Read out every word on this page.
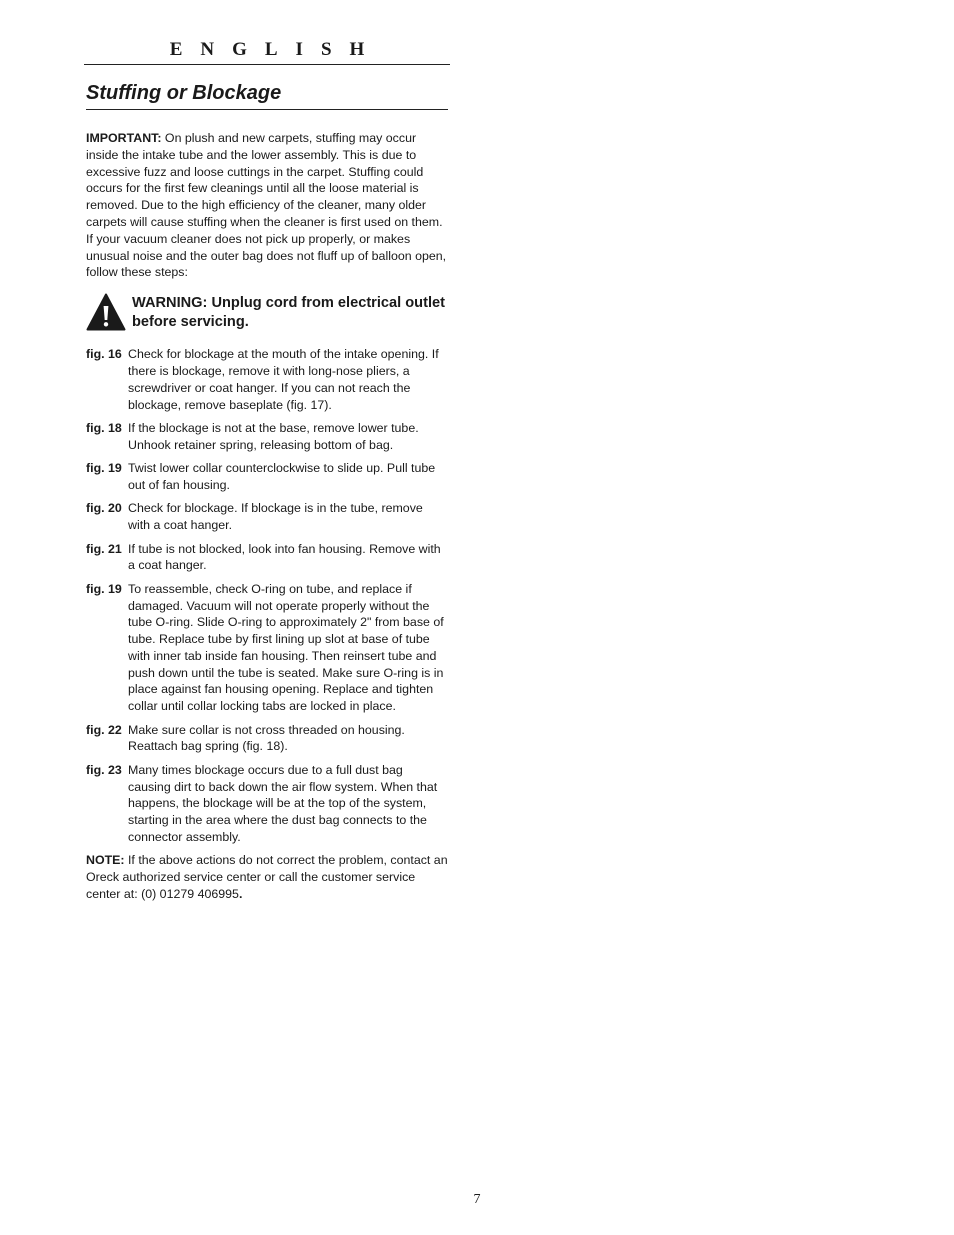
ENGLISH
Stuffing or Blockage

IMPORTANT: On plush and new carpets, stuffing may occur inside the intake tube and the lower assembly. This is due to excessive fuzz and loose cuttings in the carpet. Stuffing could occurs for the first few cleanings until all the loose material is removed. Due to the high efficiency of the cleaner, many older carpets will cause stuffing when the cleaner is first used on them. If your vacuum cleaner does not pick up properly, or makes unusual noise and the outer bag does not fluff up of balloon open, follow these steps:

WARNING: Unplug cord from electrical outlet before servicing.
fig. 16 Check for blockage at the mouth of the intake opening. If there is blockage, remove it with long-nose pliers, a screwdriver or coat hanger. If you can not reach the blockage, remove baseplate (fig. 17).
fig. 18 If the blockage is not at the base, remove lower tube. Unhook retainer spring, releasing bottom of bag.
fig. 19 Twist lower collar counterclockwise to slide up. Pull tube out of fan housing.
fig. 20 Check for blockage. If blockage is in the tube, remove with a coat hanger.
fig. 21 If tube is not blocked, look into fan housing. Remove with a coat hanger.
fig. 19 To reassemble, check O-ring on tube, and replace if damaged. Vacuum will not operate properly without the tube O-ring. Slide O-ring to approximately 2" from base of tube. Replace tube by first lining up slot at base of tube with inner tab inside fan housing. Then reinsert tube and push down until the tube is seated. Make sure O-ring is in place against fan housing opening. Replace and tighten collar until collar locking tabs are locked in place.
fig. 22 Make sure collar is not cross threaded on housing. Reattach bag spring (fig. 18).
fig. 23 Many times blockage occurs due to a full dust bag causing dirt to back down the air flow system. When that happens, the blockage will be at the top of the system, starting in the area where the dust bag connects to the connector assembly.

NOTE: If the above actions do not correct the problem, contact an Oreck authorized service center or call the customer service center at: (0) 01279 406995.

7
